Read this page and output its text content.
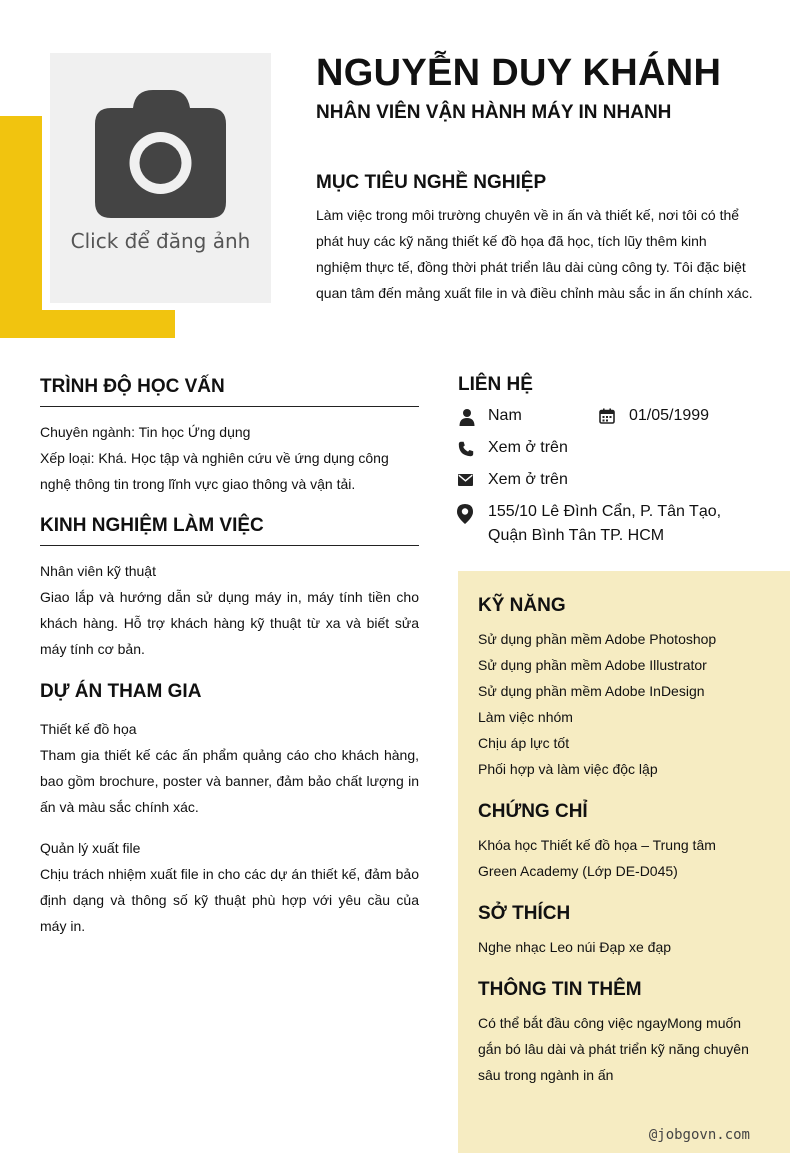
Click để đăng ảnh
NGUYỄN DUY KHÁNH
NHÂN VIÊN VẬN HÀNH MÁY IN NHANH
MỤC TIÊU NGHỀ NGHIỆP
Làm việc trong môi trường chuyên về in ấn và thiết kế, nơi tôi có thể phát huy các kỹ năng thiết kế đồ họa đã học, tích lũy thêm kinh nghiệm thực tế, đồng thời phát triển lâu dài cùng công ty. Tôi đặc biệt quan tâm đến mảng xuất file in và điều chỉnh màu sắc in ấn chính xác.
TRÌNH ĐỘ HỌC VẤN
Chuyên ngành: Tin học Ứng dụng
Xếp loại: Khá. Học tập và nghiên cứu về ứng dụng công nghệ thông tin trong lĩnh vực giao thông và vận tải.
KINH NGHIỆM LÀM VIỆC
Nhân viên kỹ thuật
Giao lắp và hướng dẫn sử dụng máy in, máy tính tiền cho khách hàng. Hỗ trợ khách hàng kỹ thuật từ xa và biết sửa máy tính cơ bản.
DỰ ÁN THAM GIA
Thiết kế đồ họa
Tham gia thiết kế các ấn phẩm quảng cáo cho khách hàng, bao gồm brochure, poster và banner, đảm bảo chất lượng in ấn và màu sắc chính xác.
Quản lý xuất file
Chịu trách nhiệm xuất file in cho các dự án thiết kế, đảm bảo định dạng và thông số kỹ thuật phù hợp với yêu cầu của máy in.
LIÊN HỆ
Nam	01/05/1999
Xem ở trên
Xem ở trên
155/10 Lê Đình Cẩn, P. Tân Tạo,
Quận Bình Tân TP. HCM
KỸ NĂNG
Sử dụng phần mềm Adobe Photoshop
Sử dụng phần mềm Adobe Illustrator
Sử dụng phần mềm Adobe InDesign
Làm việc nhóm
Chịu áp lực tốt
Phối hợp và làm việc độc lập
CHỨNG CHỈ
Khóa học Thiết kế đồ họa – Trung tâm
Green Academy (Lớp DE-D045)
SỞ THÍCH
Nghe nhạc Leo núi Đạp xe đạp
THÔNG TIN THÊM
Có thể bắt đầu công việc ngayMong muốn
gắn bó lâu dài và phát triển kỹ năng chuyên
sâu trong ngành in ấn
@jobgovn.com
